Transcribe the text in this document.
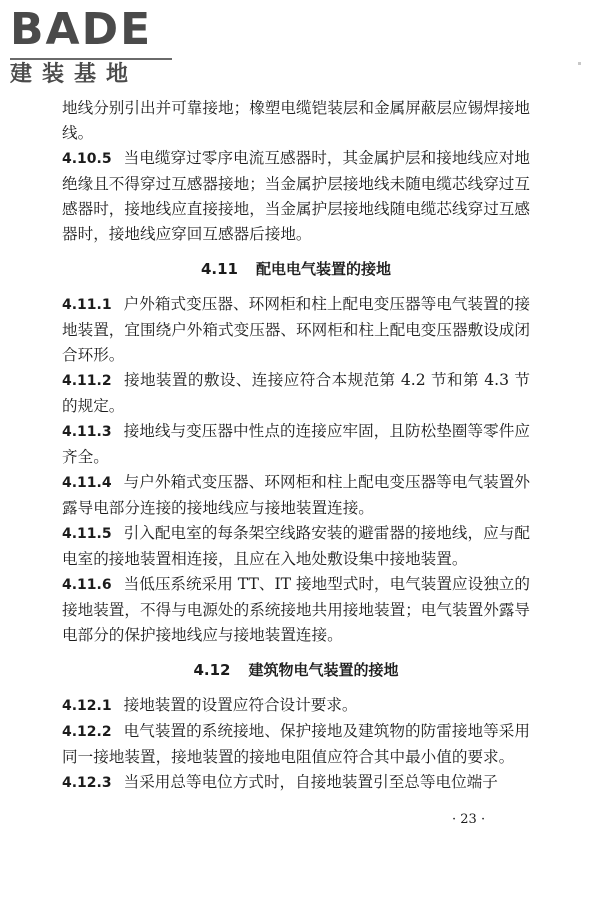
BADE
建装基地

地线分别引出并可靠接地；橡塑电缆铠装层和金属屏蔽层应锡焊接地线。

4.10.5 当电缆穿过零序电流互感器时，其金属护层和接地线应对地绝缘且不得穿过互感器接地；当金属护层接地线未随电缆芯线穿过互感器时，接地线应直接接地，当金属护层接地线随电缆芯线穿过互感器时，接地线应穿回互感器后接地。

4.11 配电电气装置的接地

4.11.1 户外箱式变压器、环网柜和柱上配电变压器等电气装置的接地装置，宜围绕户外箱式变压器、环网柜和柱上配电变压器敷设成闭合环形。

4.11.2 接地装置的敷设、连接应符合本规范第 4.2 节和第 4.3 节的规定。

4.11.3 接地线与变压器中性点的连接应牢固，且防松垫圈等零件应齐全。

4.11.4 与户外箱式变压器、环网柜和柱上配电变压器等电气装置外露导电部分连接的接地线应与接地装置连接。

4.11.5 引入配电室的每条架空线路安装的避雷器的接地线，应与配电室的接地装置相连接，且应在入地处敷设集中接地装置。

4.11.6 当低压系统采用 TT、IT 接地型式时，电气装置应设独立的接地装置，不得与电源处的系统接地共用接地装置；电气装置外露导电部分的保护接地线应与接地装置连接。

4.12 建筑物电气装置的接地

4.12.1 接地装置的设置应符合设计要求。

4.12.2 电气装置的系统接地、保护接地及建筑物的防雷接地等采用同一接地装置，接地装置的接地电阻值应符合其中最小值的要求。

4.12.3 当采用总等电位方式时，自接地装置引至总等电位端子

· 23 ·
